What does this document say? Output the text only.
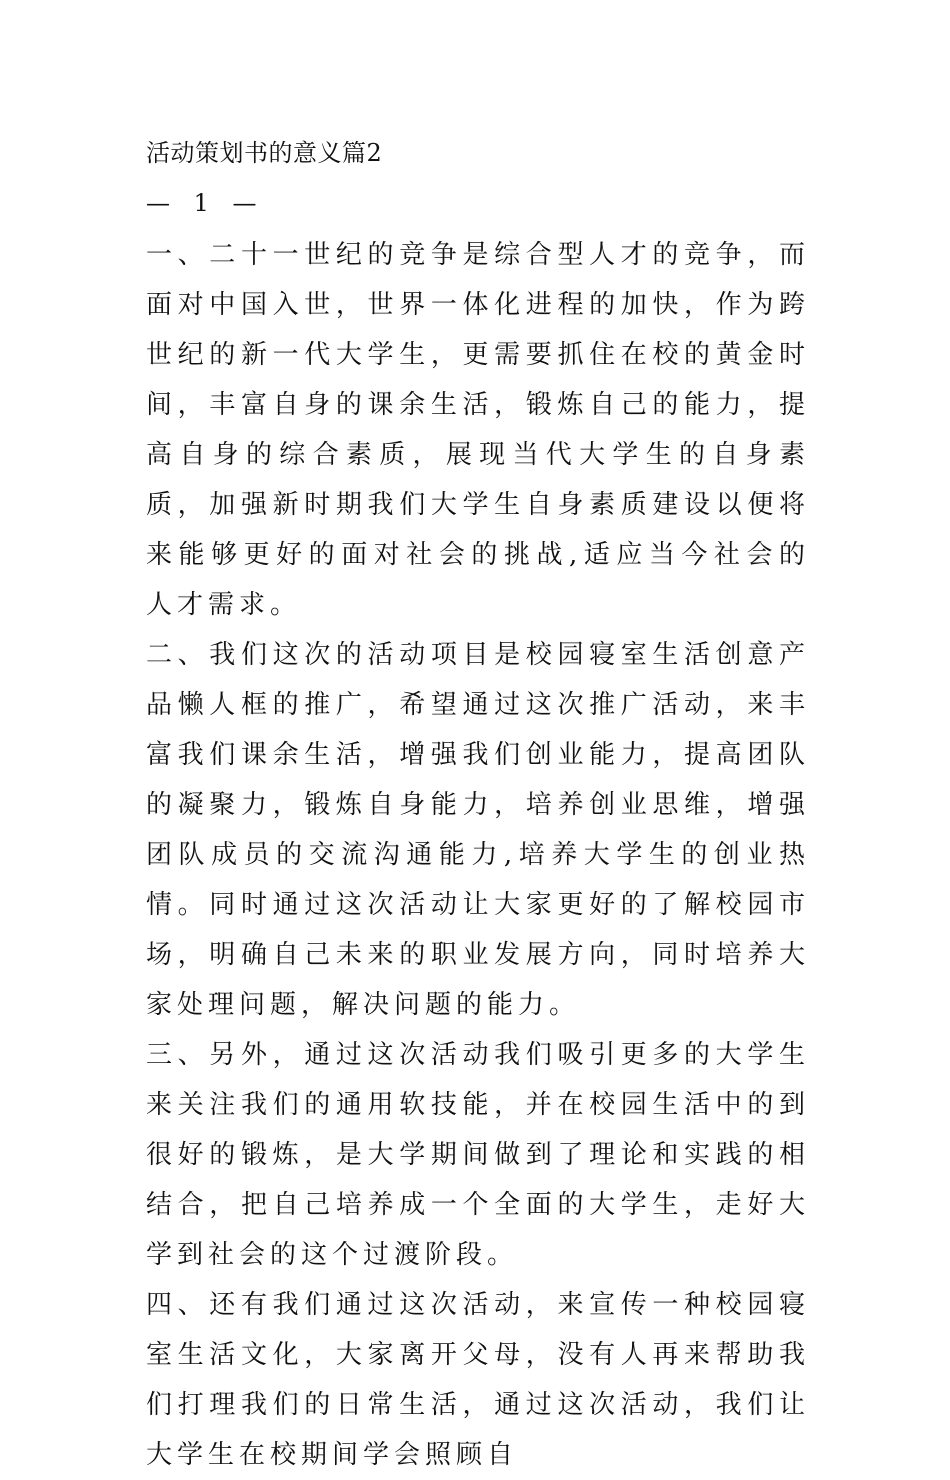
活动策划书的意义篇2
— 1 —

一、二十一世纪的竞争是综合型人才的竞争，而面对中国入世，世界一体化进程的加快，作为跨世纪的新一代大学生，更需要抓住在校的黄金时间，丰富自身的课余生活，锻炼自己的能力，提高自身的综合素质，展现当代大学生的自身素质，加强新时期我们大学生自身素质建设以便将来能够更好的面对社会的挑战,适应当今社会的人才需求。

二、我们这次的活动项目是校园寝室生活创意产品懒人框的推广，希望通过这次推广活动，来丰富我们课余生活，增强我们创业能力，提高团队的凝聚力，锻炼自身能力，培养创业思维，增强团队成员的交流沟通能力,培养大学生的创业热情。同时通过这次活动让大家更好的了解校园市场，明确自己未来的职业发展方向，同时培养大家处理问题，解决问题的能力。

三、另外，通过这次活动我们吸引更多的大学生来关注我们的通用软技能，并在校园生活中的到很好的锻炼，是大学期间做到了理论和实践的相结合，把自己培养成一个全面的大学生，走好大学到社会的这个过渡阶段。

四、还有我们通过这次活动，来宣传一种校园寝室生活文化，大家离开父母，没有人再来帮助我们打理我们的日常生活，通过这次活动，我们让大学生在校期间学会照顾自
